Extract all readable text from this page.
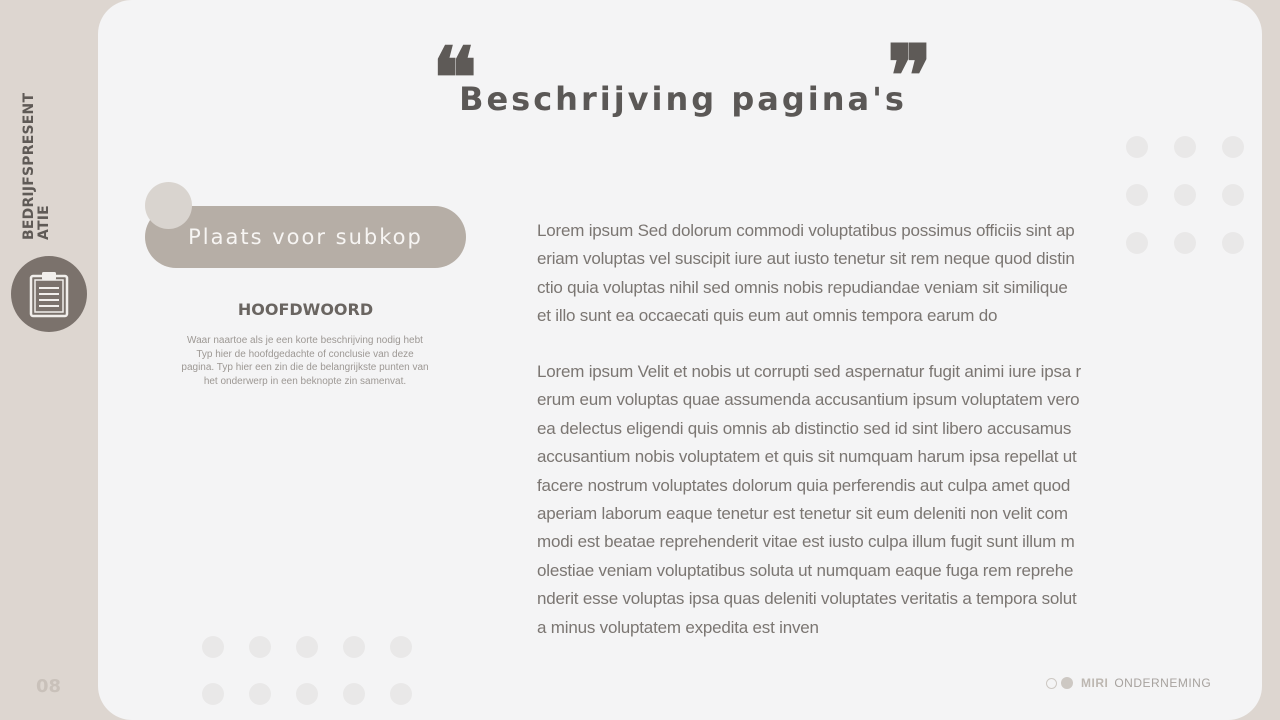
BEDRIJFSPRESENT ATIE
08
❝	❞
Beschrijving pagina's
Plaats voor subkop
HOOFDWOORD
Waar naartoe als je een korte beschrijving nodig hebt Typ hier de hoofdgedachte of conclusie van deze pagina. Typ hier een zin die de belangrijkste punten van het onderwerp in een beknopte zin samenvat.
Lorem ipsum Sed dolorum commodi voluptatibus possimus officiis sint aperiam voluptas vel suscipit iure aut iusto tenetur sit rem neque quod distinctio quia voluptas nihil sed omnis nobis repudiandae veniam sit similique et illo sunt ea occaecati quis eum aut omnis tempora earum do
Lorem ipsum Velit et nobis ut corrupti sed aspernatur fugit animi iure ipsa rerum eum voluptas quae assumenda accusantium ipsum voluptatem vero ea delectus eligendi quis omnis ab distinctio sed id sint libero accusamus accusantium nobis voluptatem et quis sit numquam harum ipsa repellat ut facere nostrum voluptates dolorum quia perferendis aut culpa amet quod aperiam laborum eaque tenetur est tenetur sit eum deleniti non velit commodi est beatae reprehenderit vitae est iusto culpa illum fugit sunt illum molestiae veniam voluptatibus soluta ut numquam eaque fuga rem reprehenderit esse voluptas ipsa quas deleniti voluptates veritatis a tempora soluta minus voluptatem expedita est inven
MIRI ONDERNEMING
